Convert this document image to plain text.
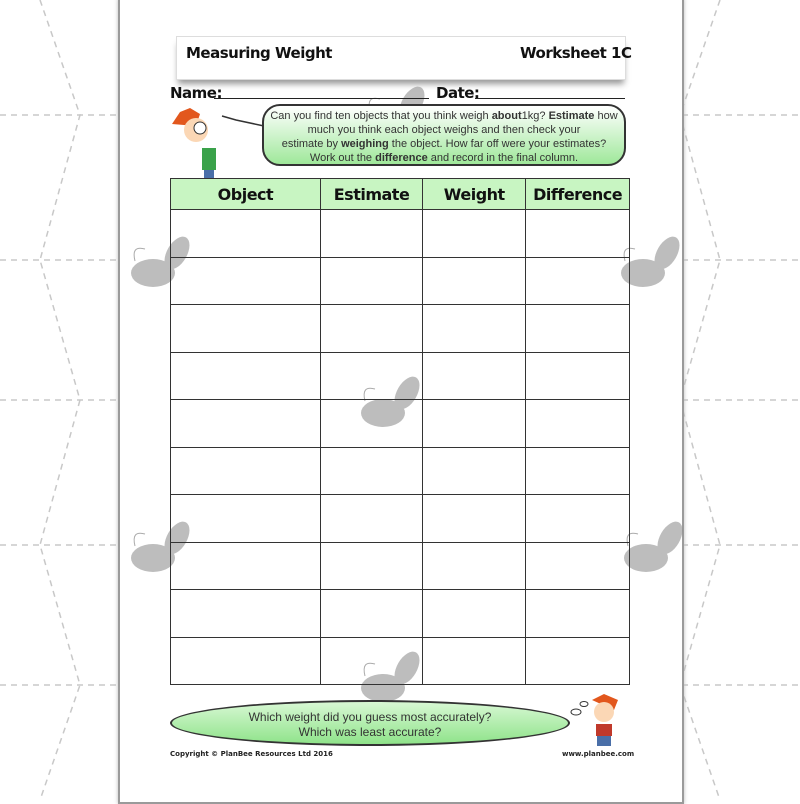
Measuring Weight	Worksheet 1C
Name:	Date:
Can you find ten objects that you think weigh about1kg? Estimate how much you think each object weighs and then check your
estimate by weighing the object. How far off were your estimates?
Work out the difference and record in the final column.
Object	Estimate	Weight	Difference

Which weight did you guess most accurately?
Which was least accurate?
Copyright © PlanBee Resources Ltd 2016	www.planbee.com
